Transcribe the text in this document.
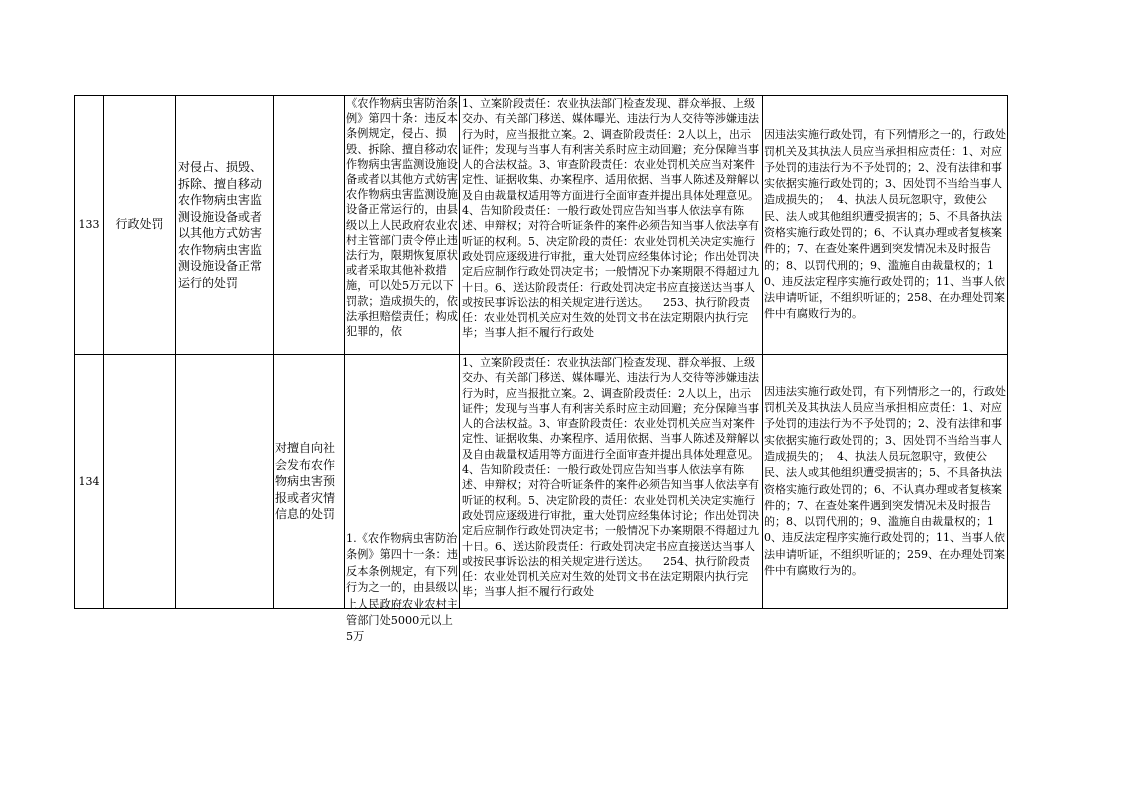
133 行政处罚
对侵占、损毁、拆除、擅自移动农作物病虫害监测设施设备或者以其他方式妨害农作物病虫害监测设施设备正常运行的处罚
《农作物病虫害防治条例》第四十条：违反本条例规定，侵占、损毁、拆除、擅自移动农作物病虫害监测设施设备或者以其他方式妨害农作物病虫害监测设施设备正常运行的，由县级以上人民政府农业农村主管部门责令停止违法行为，限期恢复原状或者采取其他补救措施，可以处5万元以下罚款；造成损失的，依法承担赔偿责任；构成犯罪的，依
1、立案阶段责任：农业执法部门检查发现、群众举报、上级交办、有关部门移送、媒体曝光、违法行为人交待等涉嫌违法行为时，应当报批立案。2、调查阶段责任：2人以上，出示证件；发现与当事人有利害关系时应主动回避；充分保障当事人的合法权益。3、审查阶段责任：农业处罚机关应当对案件定性、证据收集、办案程序、适用依据、当事人陈述及辩解以及自由裁量权适用等方面进行全面审查并提出具体处理意见。4、告知阶段责任：一般行政处罚应告知当事人依法享有陈述、申辩权；对符合听证条件的案件必须告知当事人依法享有听证的权利。5、决定阶段的责任：农业处罚机关决定实施行政处罚应逐级进行审批，重大处罚应经集体讨论；作出处罚决定后应制作行政处罚决定书；一般情况下办案期限不得超过九十日。6、送达阶段责任：行政处罚决定书应直接送达当事人或按民事诉讼法的相关规定进行送达。    253、执行阶段责任：农业处罚机关应对生效的处罚文书在法定期限内执行完毕；当事人拒不履行行政处
因违法实施行政处罚，有下列情形之一的，行政处罚机关及其执法人员应当承担相应责任：1、对应予处罚的违法行为不予处罚的；2、没有法律和事实依据实施行政处罚的；3、因处罚不当给当事人造成损失的；  4、执法人员玩忽职守，致使公民、法人或其他组织遭受损害的；5、不具备执法资格实施行政处罚的；6、不认真办理或者复核案件的；7、在查处案件遇到突发情况未及时报告的；8、以罚代刑的；9、滥施自由裁量权的；10、违反法定程序实施行政处罚的；11、当事人依法申请听证，不组织听证的；258、在办理处罚案件中有腐败行为的。
134
对擅自向社会发布农作物病虫害预报或者灾情信息的处罚
1.《农作物病虫害防治条例》第四十一条：违反本条例规定，有下列行为之一的，由县级以上人民政府农业农村主管部门处5000元以上5万
1、立案阶段责任：农业执法部门检查发现、群众举报、上级交办、有关部门移送、媒体曝光、违法行为人交待等涉嫌违法行为时，应当报批立案。2、调查阶段责任：2人以上，出示证件；发现与当事人有利害关系时应主动回避；充分保障当事人的合法权益。3、审查阶段责任：农业处罚机关应当对案件定性、证据收集、办案程序、适用依据、当事人陈述及辩解以及自由裁量权适用等方面进行全面审查并提出具体处理意见。4、告知阶段责任：一般行政处罚应告知当事人依法享有陈述、申辩权；对符合听证条件的案件必须告知当事人依法享有听证的权利。5、决定阶段的责任：农业处罚机关决定实施行政处罚应逐级进行审批，重大处罚应经集体讨论；作出处罚决定后应制作行政处罚决定书；一般情况下办案期限不得超过九十日。6、送达阶段责任：行政处罚决定书应直接送达当事人或按民事诉讼法的相关规定进行送达。    254、执行阶段责任：农业处罚机关应对生效的处罚文书在法定期限内执行完毕；当事人拒不履行行政处
因违法实施行政处罚，有下列情形之一的，行政处罚机关及其执法人员应当承担相应责任：1、对应予处罚的违法行为不予处罚的；2、没有法律和事实依据实施行政处罚的；3、因处罚不当给当事人造成损失的；  4、执法人员玩忽职守，致使公民、法人或其他组织遭受损害的；5、不具备执法资格实施行政处罚的；6、不认真办理或者复核案件的；7、在查处案件遇到突发情况未及时报告的；8、以罚代刑的；9、滥施自由裁量权的；10、违反法定程序实施行政处罚的；11、当事人依法申请听证，不组织听证的；259、在办理处罚案件中有腐败行为的。
